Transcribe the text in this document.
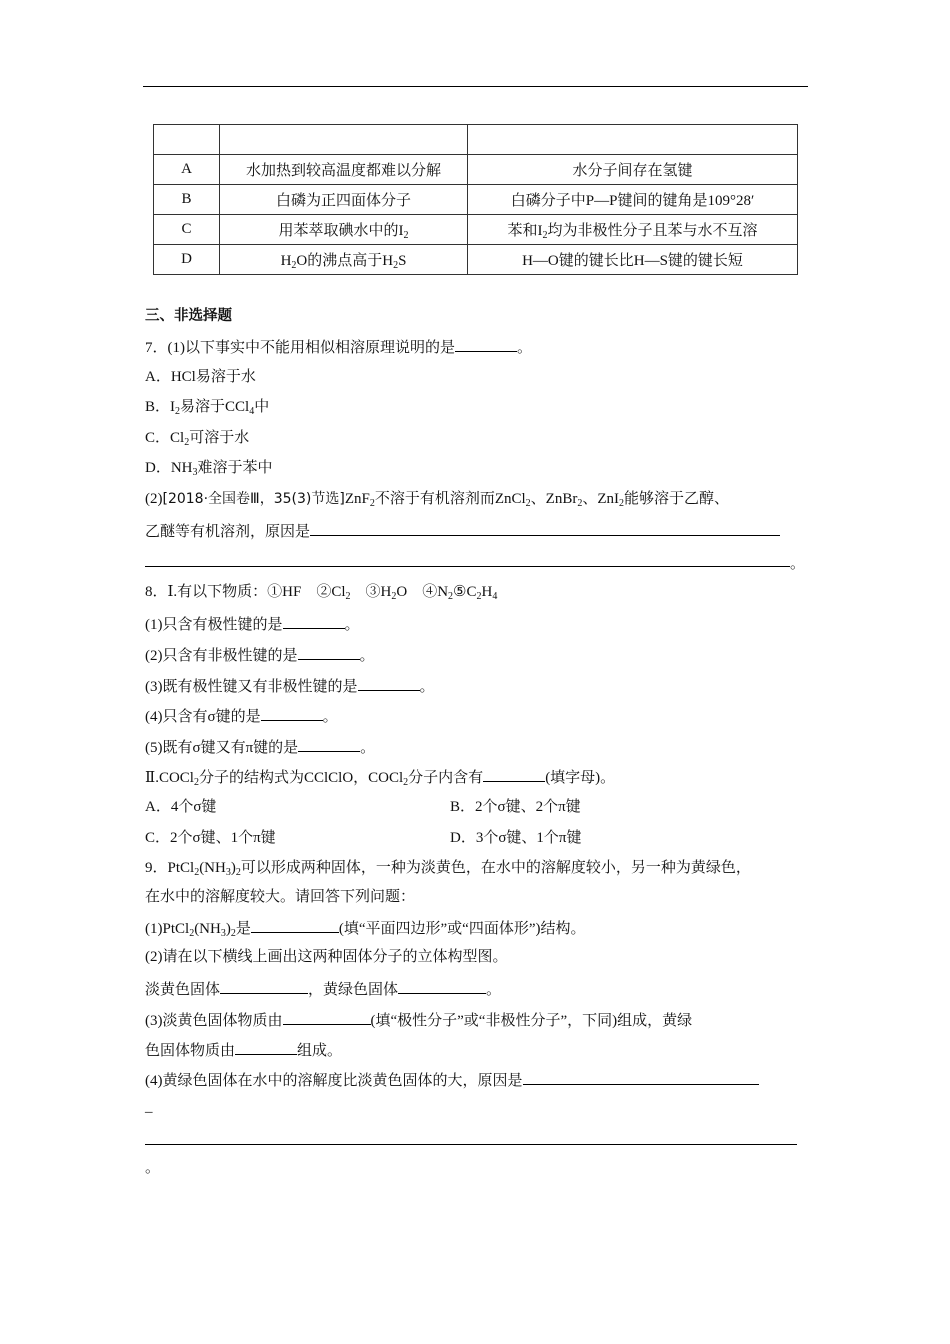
A	水加热到较高温度都难以分解	水分子间存在氢键
B	白磷为正四面体分子	白磷分子中P—P键间的键角是109°28′
C	用苯萃取碘水中的$I_2$	苯和$I_2$均为非极性分子且苯与水不互溶
D	$H_2O$的沸点高于$H_2S$	H—O键的键长比H—S键的键长短
三、非选择题
7．(1)以下事实中不能用相似相溶原理说明的是	。
A．HCl易溶于水
B．$I_2$易溶于CCl$_4$中
C．$Cl_2$可溶于水
D．$NH_3$难溶于苯中
(2)[2018·全国卷Ⅲ，35(3)节选]ZnF$_2$不溶于有机溶剂而ZnCl$_2$、ZnBr$_2$、ZnI$_2$能够溶于乙醇、
乙醚等有机溶剂，原因是
。
8．Ⅰ.有以下物质：①HF　$②Cl_2$　$③H_2O$　$④N_2⑤C_2H_4$
(1)只含有极性键的是	。
(2)只含有非极性键的是	。
(3)既有极性键又有非极性键的是	。
(4)只含有σ键的是	。
(5)既有σ键又有π键的是	。
Ⅱ.COCl$_2$分子的结构式为CClClO，COCl$_2$分子内含有	(填字母)。
A．4个σ键	B．2个σ键、2个π键
C．2个σ键、1个π键	D．3个σ键、1个π键
9．$PtCl_2(NH_3)_2$可以形成两种固体，一种为淡黄色，在水中的溶解度较小，另一种为黄绿色，
在水中的溶解度较大。请回答下列问题：
$(1)PtCl_2(NH_3)_2$是	(填“平面四边形”或“四面体形”)结构。
(2)请在以下横线上画出这两种固体分子的立体构型图。
淡黄色固体	，黄绿色固体	。
(3)淡黄色固体物质由	(填“极性分子”或“非极性分子”，下同)组成，黄绿
色固体物质由	组成。
(4)黄绿色固体在水中的溶解度比淡黄色固体的大，原因是
_
。
